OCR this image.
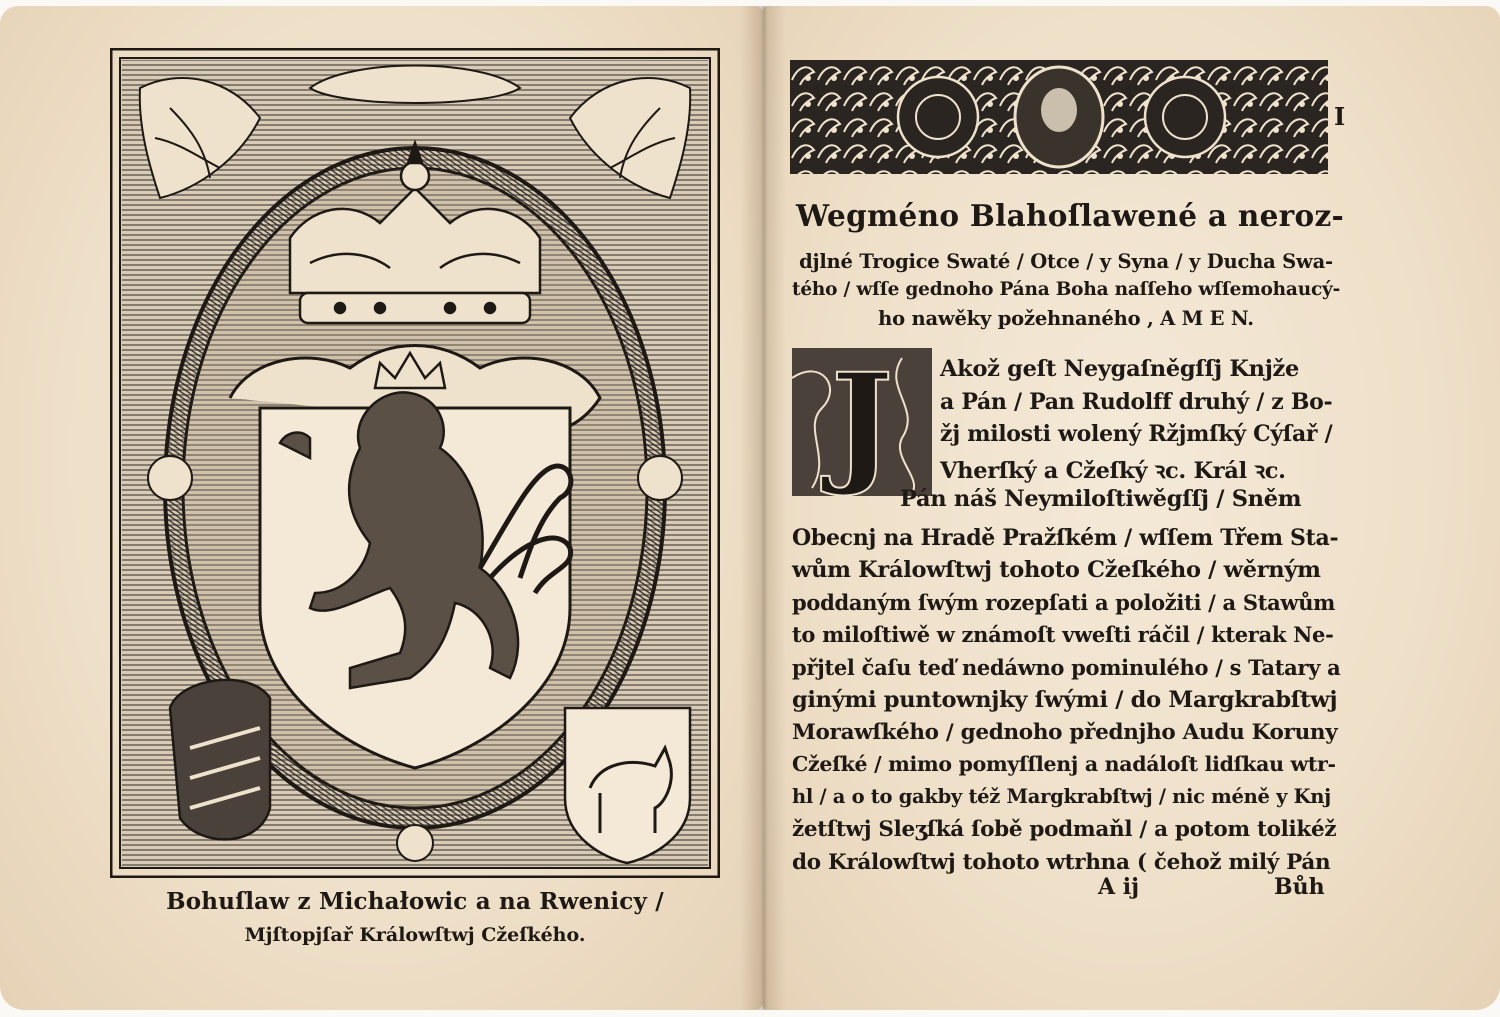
Bohuſlaw z Michałowic a na Rwenicy /
Mjſtopjſař Králowſtwj Cžeſkého.
I
Wegméno Blahoſlawené a neroz-
djlné Trogice Swaté / Otce / y Syna / y Ducha Swa-
tého / wſſe gednoho Pána Boha naſſeho wſſemohaucý-
ho nawěky požehnaného , A M E N.
J Akož geſt Neygaſněgſſj Knjže
a Pán / Pan Rudolff druhý / z Bo-
žj milosti wolený Ržjmſký Cýſař /
Vherſký a Cžeſký ꝛc. Král ꝛc.
Pán náš Neymiloſtiwěgſſj / Sněm
Obecnj na Hradě Pražſkém / wſſem Třem Sta-
wům Králowſtwj tohoto Cžeſkého / wěrným
poddaným ſwým rozepſati a položiti / a Stawům
to miloſtiwě w známoſt vweſti ráčil / kterak Ne-
přjtel čaſu teď nedáwno pominulého / s Tatary a
ginými puntownjky ſwými / do Margkrabſtwj
Morawſkého / gednoho přednjho Audu Koruny
Cžeſké / mimo pomyſſlenj a nadáloſt lidſkau wtr-
hl / a o to gakby též Margkrabſtwj / nic méně y Knj
žetſtwj Sleʒſká ſobě podmaňl / a potom tolikéž
do Králowſtwj tohoto wtrhna ( čehož milý Pán
A ij	Bůh
